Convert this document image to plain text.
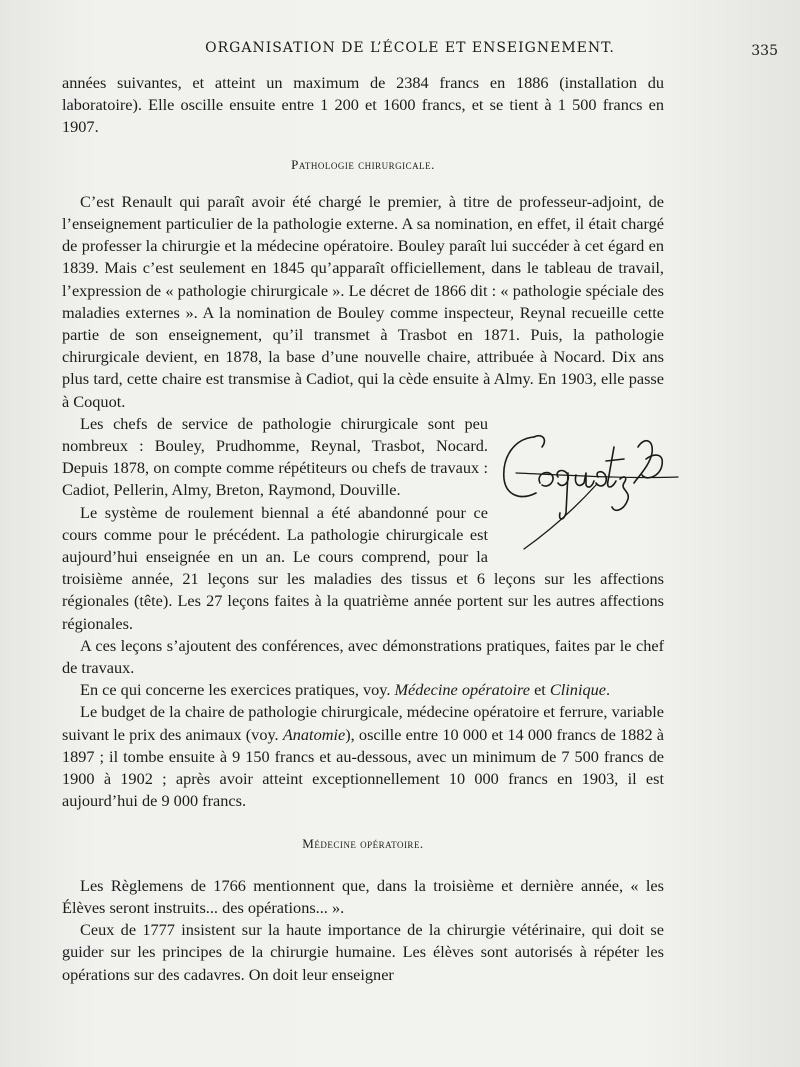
ORGANISATION DE L’ÉCOLE ET ENSEIGNEMENT.	335

années suivantes, et atteint un maximum de 2384 francs en 1886 (installation du laboratoire). Elle oscille ensuite entre 1 200 et 1600 francs, et se tient à 1 500 francs en 1907.

Pathologie chirurgicale.

C’est Renault qui paraît avoir été chargé le premier, à titre de professeur-adjoint, de l’enseignement particulier de la pathologie externe. A sa nomination, en effet, il était chargé de professer la chirurgie et la médecine opératoire. Bouley paraît lui succéder à cet égard en 1839. Mais c’est seulement en 1845 qu’apparaît officiellement, dans le tableau de travail, l’expression de « pathologie chirurgicale ». Le décret de 1866 dit : « pathologie spéciale des maladies externes ». A la nomination de Bouley comme inspecteur, Reynal recueille cette partie de son enseignement, qu’il transmet à Trasbot en 1871. Puis, la pathologie chirurgicale devient, en 1878, la base d’une nouvelle chaire, attribuée à Nocard. Dix ans plus tard, cette chaire est transmise à Cadiot, qui la cède ensuite à Almy. En 1903, elle passe à Coquot.

Les chefs de service de pathologie chirurgicale sont peu nombreux : Bouley, Prudhomme, Reynal, Trasbot, Nocard. Depuis 1878, on compte comme répétiteurs ou chefs de travaux : Cadiot, Pellerin, Almy, Breton, Raymond, Douville.

Le système de roulement biennal a été abandonné pour ce cours comme pour le précédent. La pathologie chirurgicale est aujourd’hui enseignée en un an. Le cours comprend, pour la troisième année, 21 leçons sur les maladies des tissus et 6 leçons sur les affections régionales (tête). Les 27 leçons faites à la quatrième année portent sur les autres affections régionales.

A ces leçons s’ajoutent des conférences, avec démonstrations pratiques, faites par le chef de travaux.

En ce qui concerne les exercices pratiques, voy. Médecine opératoire et Clinique.

Le budget de la chaire de pathologie chirurgicale, médecine opératoire et ferrure, variable suivant le prix des animaux (voy. Anatomie), oscille entre 10 000 et 14 000 francs de 1882 à 1897 ; il tombe ensuite à 9 150 francs et au-dessous, avec un minimum de 7 500 francs de 1900 à 1902 ; après avoir atteint exceptionnellement 10 000 francs en 1903, il est aujourd’hui de 9 000 francs.

Médecine opératoire.

Les Règlemens de 1766 mentionnent que, dans la troisième et dernière année, « les Élèves seront instruits... des opérations... ».

Ceux de 1777 insistent sur la haute importance de la chirurgie vétérinaire, qui doit se guider sur les principes de la chirurgie humaine. Les élèves sont autorisés à répéter les opérations sur des cadavres. On doit leur enseigner
